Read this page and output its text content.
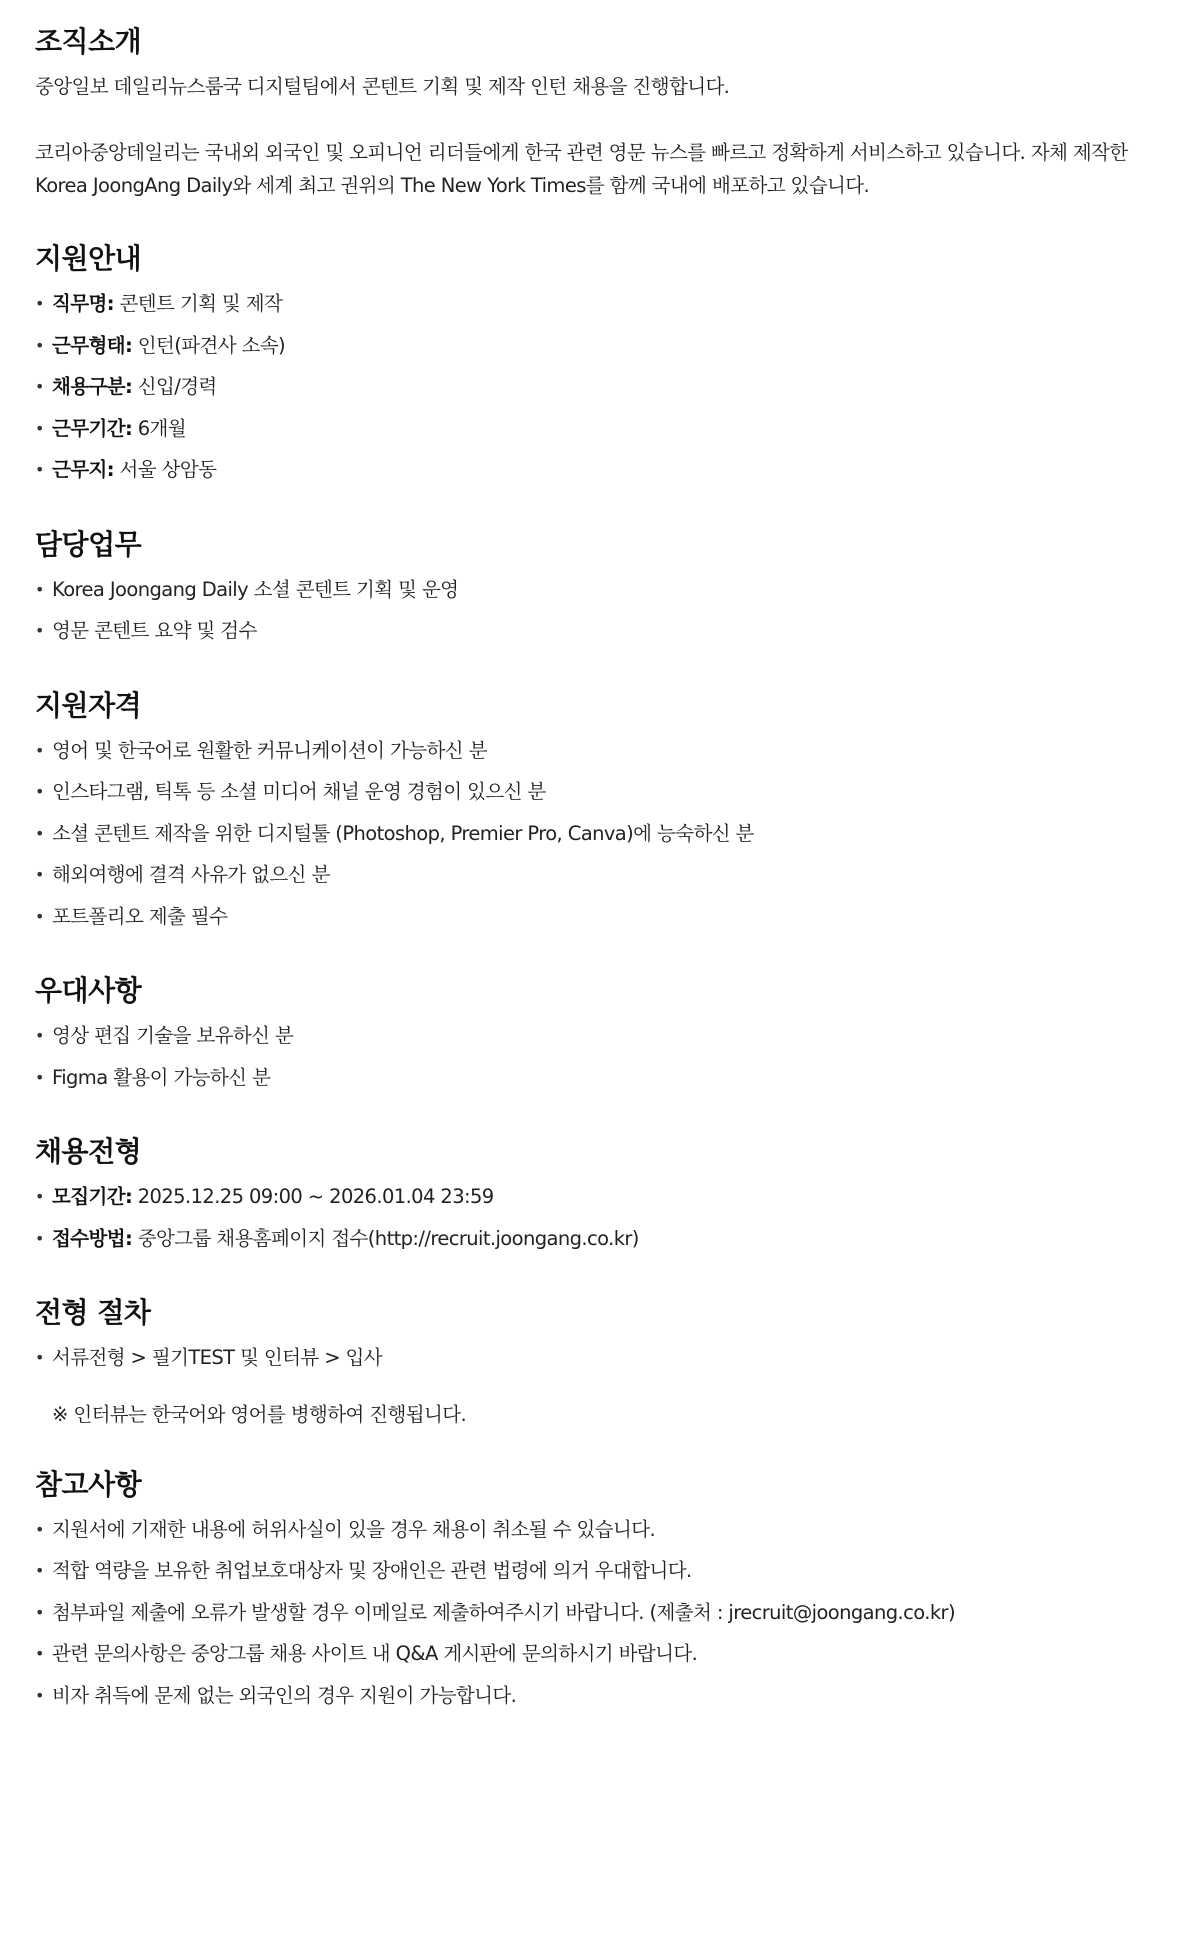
조직소개

중앙일보 데일리뉴스룸국 디지털팀에서 콘텐트 기획 및 제작 인턴 채용을 진행합니다.

코리아중앙데일리는 국내외 외국인 및 오피니언 리더들에게 한국 관련 영문 뉴스를 빠르고 정확하게 서비스하고 있습니다. 자체 제작한

Korea JoongAng Daily와 세계 최고 권위의 The New York Times를 함께 국내에 배포하고 있습니다.

지원안내
• 직무명: 콘텐트 기획 및 제작
• 근무형태: 인턴(파견사 소속)
• 채용구분: 신입/경력
• 근무기간: 6개월
• 근무지: 서울 상암동
담당업무
• Korea Joongang Daily 소셜 콘텐트 기획 및 운영
• 영문 콘텐트 요약 및 검수
지원자격
• 영어 및 한국어로 원활한 커뮤니케이션이 가능하신 분
• 인스타그램, 틱톡 등 소셜 미디어 채널 운영 경험이 있으신 분
• 소셜 콘텐트 제작을 위한 디지털툴 (Photoshop, Premier Pro, Canva)에 능숙하신 분
• 해외여행에 결격 사유가 없으신 분
• 포트폴리오 제출 필수
우대사항
• 영상 편집 기술을 보유하신 분
• Figma 활용이 가능하신 분
채용전형
• 모집기간: 2025.12.25 09:00 ~ 2026.01.04 23:59
• 접수방법: 중앙그룹 채용홈페이지 접수(http://recruit.joongang.co.kr)
전형 절차
• 서류전형 > 필기TEST 및 인터뷰 > 입사

※ 인터뷰는 한국어와 영어를 병행하여 진행됩니다.

참고사항
• 지원서에 기재한 내용에 허위사실이 있을 경우 채용이 취소될 수 있습니다.
• 적합 역량을 보유한 취업보호대상자 및 장애인은 관련 법령에 의거 우대합니다.
• 첨부파일 제출에 오류가 발생할 경우 이메일로 제출하여주시기 바랍니다. (제출처 : jrecruit@joongang.co.kr)
• 관련 문의사항은 중앙그룹 채용 사이트 내 Q&A 게시판에 문의하시기 바랍니다.
• 비자 취득에 문제 없는 외국인의 경우 지원이 가능합니다.
